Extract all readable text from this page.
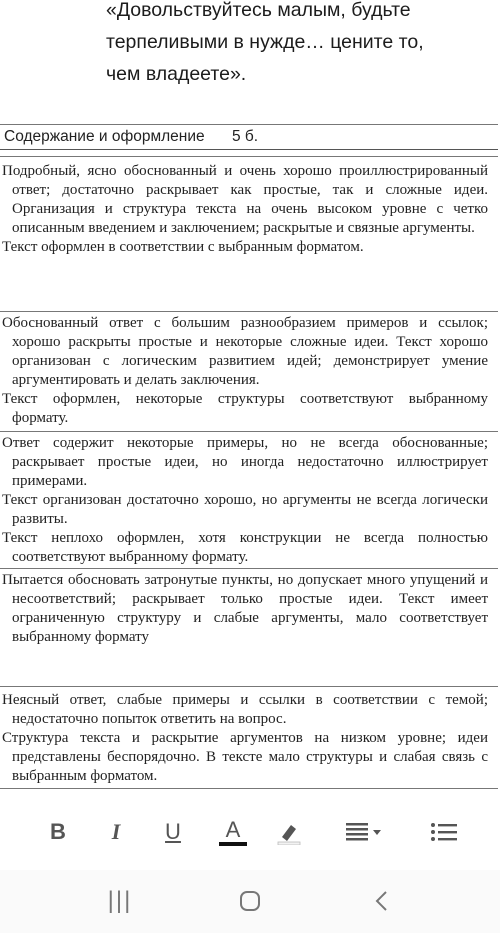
«Довольствуйтесь малым, будьте
терпеливыми в нужде… цените то,
чем владеете».
Содержание и оформление 5 б.

Подробный, ясно обоснованный и очень хорошо проиллюстрированный ответ; достаточно раскрывает как простые, так и сложные идеи. Организация и структура текста на очень высоком уровне с четко описанным введением и заключением; раскрытые и связные аргументы.

Текст оформлен в соответствии с выбранным форматом.

Обоснованный ответ с большим разнообразием примеров и ссылок; хорошо раскрыты простые и некоторые сложные идеи. Текст хорошо организован с логическим развитием идей; демонстрирует умение аргументировать и делать заключения.

Текст оформлен, некоторые структуры соответствуют выбранному формату.

Ответ содержит некоторые примеры, но не всегда обоснованные; раскрывает простые идеи, но иногда недостаточно иллюстрирует примерами.

Текст организован достаточно хорошо, но аргументы не всегда логически развиты.

Текст неплохо оформлен, хотя конструкции не всегда полностью соответствуют выбранному формату.

Пытается обосновать затронутые пункты, но допускает много упущений и несоответствий; раскрывает только простые идеи. Текст имеет ограниченную структуру и слабые аргументы, мало соответствует выбранному формату

Неясный ответ, слабые примеры и ссылки в соответствии с темой; недостаточно попыток ответить на вопрос.

Структура текста и раскрытие аргументов на низком уровне; идеи представлены беспорядочно. В тексте мало структуры и слабая связь с выбранным форматом.

B I U A
|||
